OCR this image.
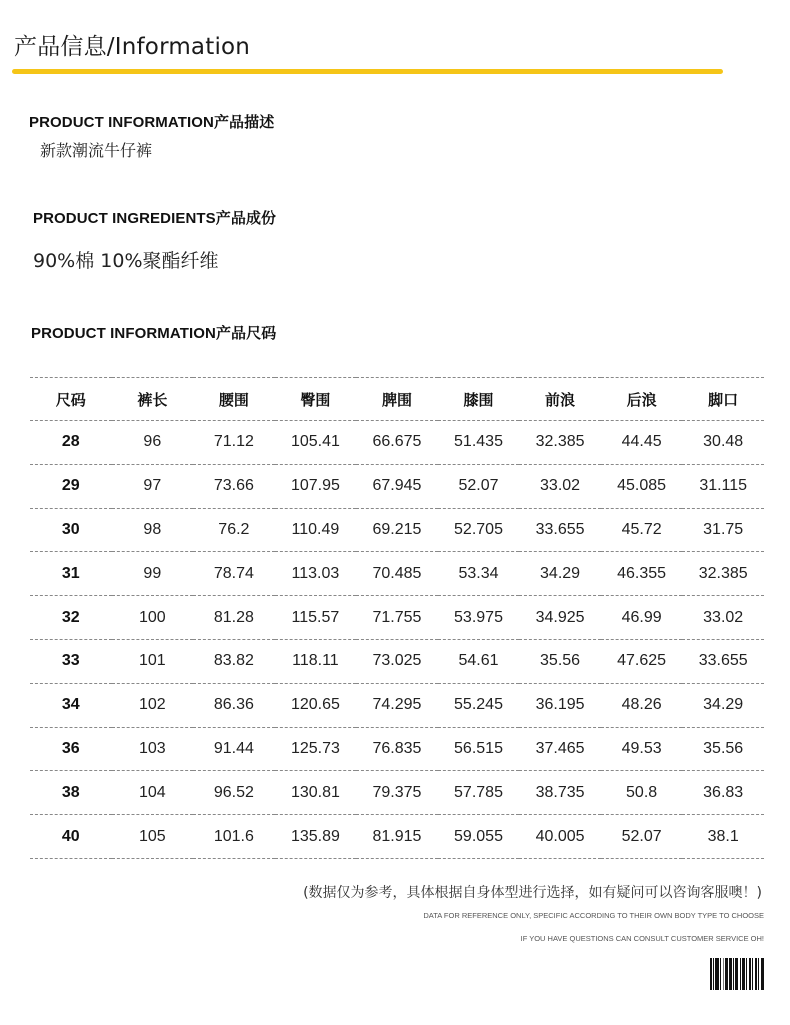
产品信息/Information
PRODUCT INFORMATION产品描述
新款潮流牛仔裤
PRODUCT INGREDIENTS产品成份
90%棉 10%聚酯纤维
PRODUCT INFORMATION产品尺码
尺码	裤长	腰围	臀围	脾围	膝围	前浪	后浪	脚口
28	96	71.12	105.41	66.675	51.435	32.385	44.45	30.48
29	97	73.66	107.95	67.945	52.07	33.02	45.085	31.115
30	98	76.2	110.49	69.215	52.705	33.655	45.72	31.75
31	99	78.74	113.03	70.485	53.34	34.29	46.355	32.385
32	100	81.28	115.57	71.755	53.975	34.925	46.99	33.02
33	101	83.82	118.11	73.025	54.61	35.56	47.625	33.655
34	102	86.36	120.65	74.295	55.245	36.195	48.26	34.29
36	103	91.44	125.73	76.835	56.515	37.465	49.53	35.56
38	104	96.52	130.81	79.375	57.785	38.735	50.8	36.83
40	105	101.6	135.89	81.915	59.055	40.005	52.07	38.1
(数据仅为参考，具体根据自身体型进行选择，如有疑问可以咨询客服噢！)
DATA FOR REFERENCE ONLY, SPECIFIC ACCORDING TO THEIR OWN BODY TYPE TO CHOOSE
IF YOU HAVE QUESTIONS CAN CONSULT CUSTOMER SERVICE OH!
